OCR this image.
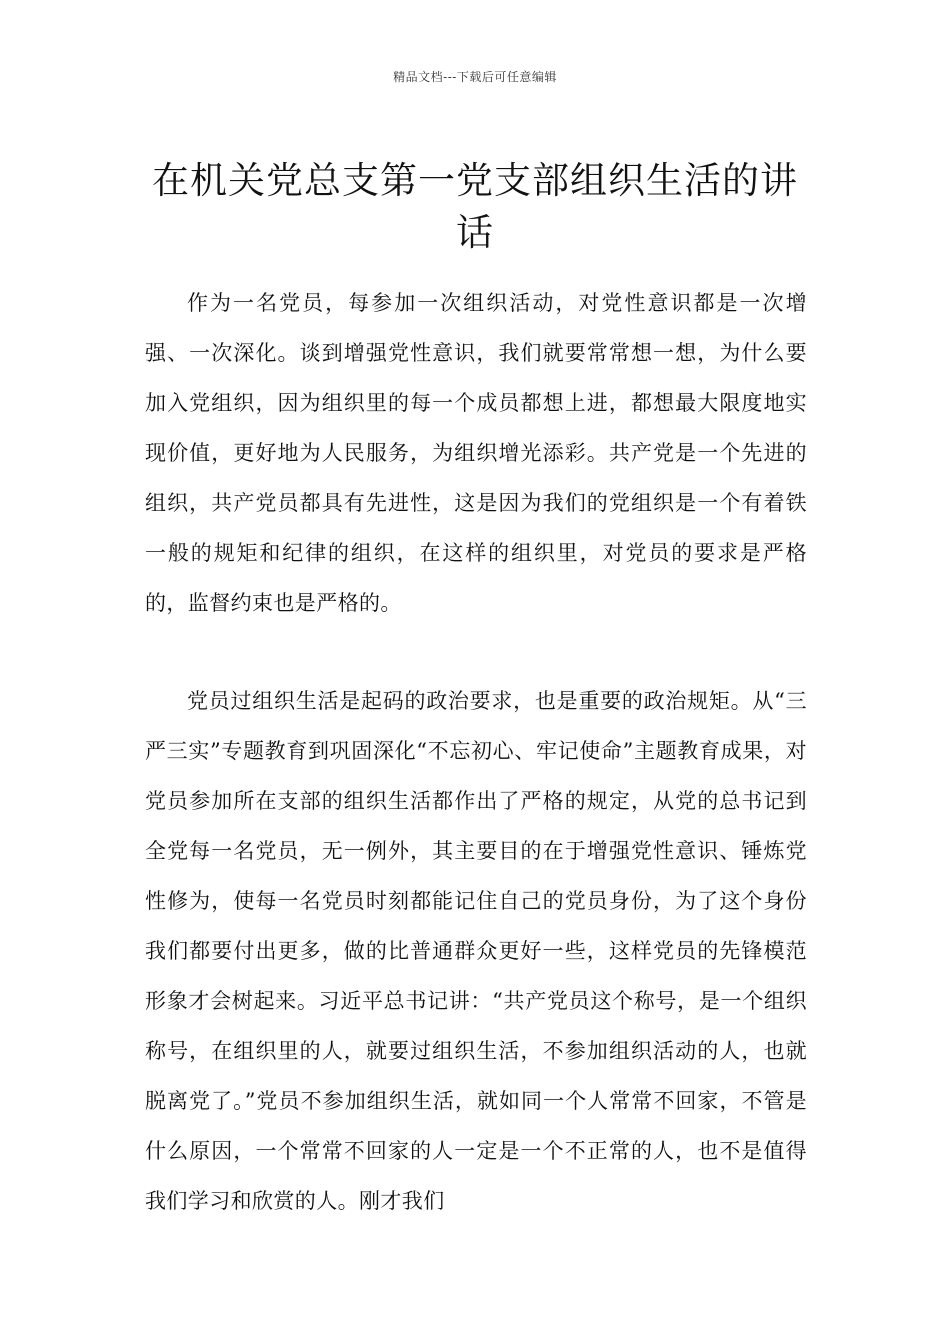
精品文档---下载后可任意编辑
在机关党总支第一党支部组织生活的讲话

作为一名党员，每参加一次组织活动，对党性意识都是一次增强、一次深化。谈到增强党性意识，我们就要常常想一想，为什么要加入党组织，因为组织里的每一个成员都想上进，都想最大限度地实现价值，更好地为人民服务，为组织增光添彩。共产党是一个先进的组织，共产党员都具有先进性，这是因为我们的党组织是一个有着铁一般的规矩和纪律的组织，在这样的组织里，对党员的要求是严格的，监督约束也是严格的。

党员过组织生活是起码的政治要求，也是重要的政治规矩。从“三严三实”专题教育到巩固深化“不忘初心、牢记使命”主题教育成果，对党员参加所在支部的组织生活都作出了严格的规定，从党的总书记到全党每一名党员，无一例外，其主要目的在于增强党性意识、锤炼党性修为，使每一名党员时刻都能记住自己的党员身份，为了这个身份我们都要付出更多，做的比普通群众更好一些，这样党员的先锋模范形象才会树起来。习近平总书记讲：“共产党员这个称号，是一个组织称号，在组织里的人，就要过组织生活，不参加组织活动的人，也就脱离党了。”党员不参加组织生活，就如同一个人常常不回家，不管是什么原因，一个常常不回家的人一定是一个不正常的人，也不是值得我们学习和欣赏的人。刚才我们
